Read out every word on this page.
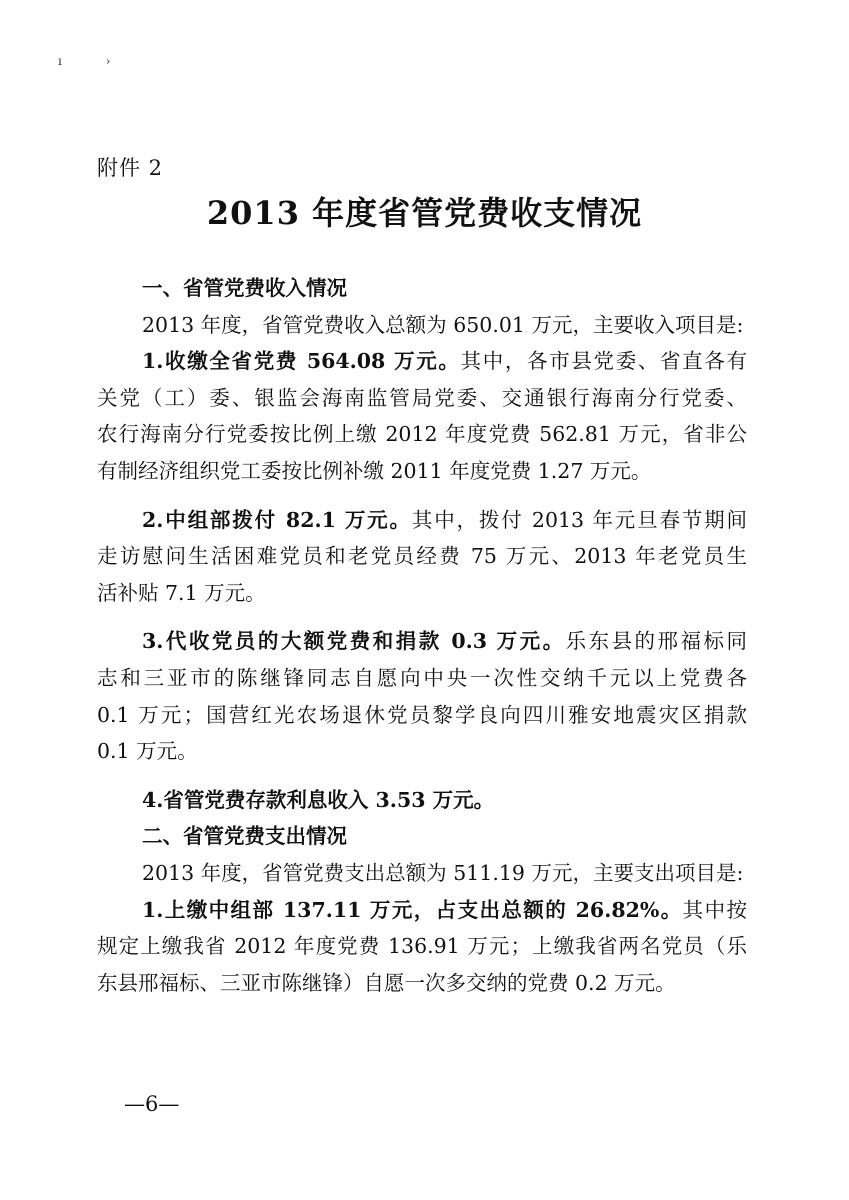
ı	›
附件 2
2013 年度省管党费收支情况
一、省管党费收入情况
2013 年度，省管党费收入总额为 650.01 万元，主要收入项目是:
1.收缴全省党费 564.08 万元。其中，各市县党委、省直各有
关党（工）委、银监会海南监管局党委、交通银行海南分行党委、
农行海南分行党委按比例上缴 2012 年度党费 562.81 万元，省非公
有制经济组织党工委按比例补缴 2011 年度党费 1.27 万元。
2.中组部拨付 82.1 万元。其中，拨付 2013 年元旦春节期间
走访慰问生活困难党员和老党员经费 75 万元、2013 年老党员生
活补贴 7.1 万元。
3.代收党员的大额党费和捐款 0.3 万元。乐东县的邢福标同
志和三亚市的陈继锋同志自愿向中央一次性交纳千元以上党费各
0.1 万元；国营红光农场退休党员黎学良向四川雅安地震灾区捐款
0.1 万元。
4.省管党费存款利息收入 3.53 万元。
二、省管党费支出情况
2013 年度，省管党费支出总额为 511.19 万元，主要支出项目是:
1.上缴中组部 137.11 万元，占支出总额的 26.82%。其中按
规定上缴我省 2012 年度党费 136.91 万元；上缴我省两名党员（乐
东县邢福标、三亚市陈继锋）自愿一次多交纳的党费 0.2 万元。
—6—
